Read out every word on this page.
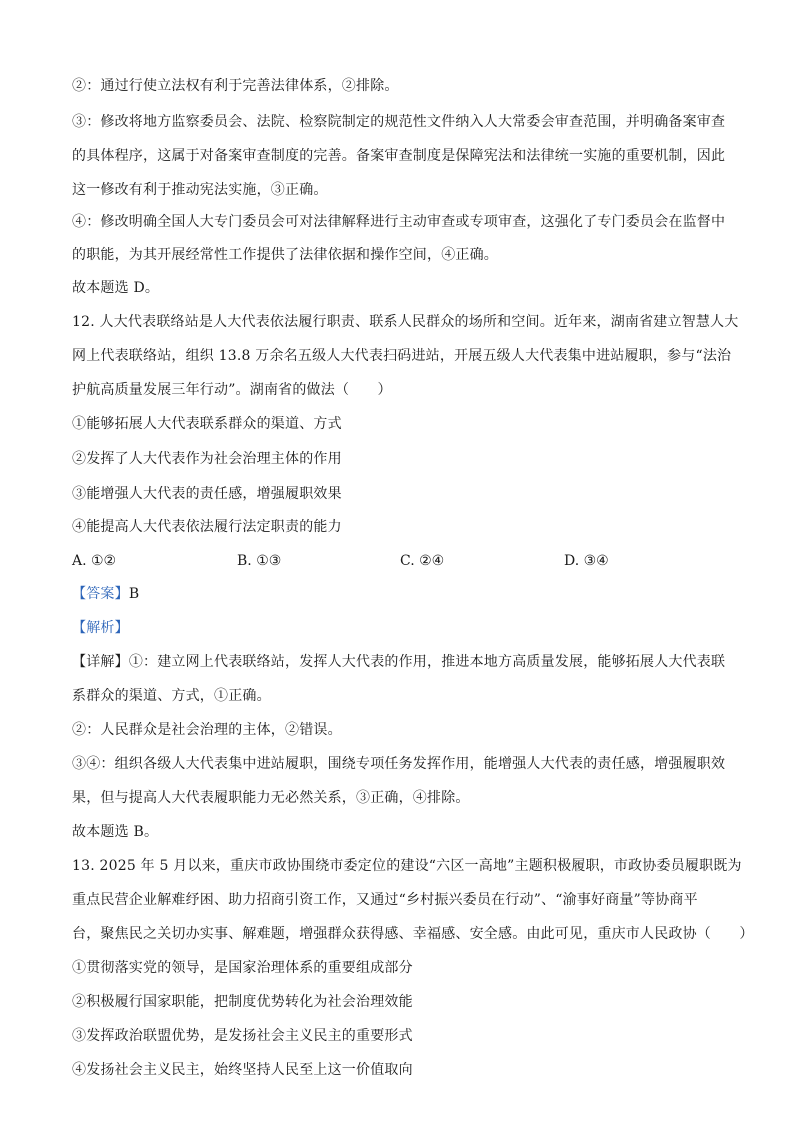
②：通过行使立法权有利于完善法律体系，②排除。
③：修改将地方监察委员会、法院、检察院制定的规范性文件纳入人大常委会审查范围，并明确备案审查
的具体程序，这属于对备案审查制度的完善。备案审查制度是保障宪法和法律统一实施的重要机制，因此
这一修改有利于推动宪法实施，③正确。
④：修改明确全国人大专门委员会可对法律解释进行主动审查或专项审查，这强化了专门委员会在监督中
的职能，为其开展经常性工作提供了法律依据和操作空间，④正确。
故本题选 D。
12. 人大代表联络站是人大代表依法履行职责、联系人民群众的场所和空间。近年来，湖南省建立智慧人大
网上代表联络站，组织 13.8 万余名五级人大代表扫码进站，开展五级人大代表集中进站履职，参与“法治
护航高质量发展三年行动”。湖南省的做法（　　）
①能够拓展人大代表联系群众的渠道、方式
②发挥了人大代表作为社会治理主体的作用
③能增强人大代表的责任感，增强履职效果
④能提高人大代表依法履行法定职责的能力
A. ①②	B. ①③	C. ②④	D. ③④
【答案】B
【解析】
【详解】①：建立网上代表联络站，发挥人大代表的作用，推进本地方高质量发展，能够拓展人大代表联
系群众的渠道、方式，①正确。
②：人民群众是社会治理的主体，②错误。
③④：组织各级人大代表集中进站履职，围绕专项任务发挥作用，能增强人大代表的责任感，增强履职效
果，但与提高人大代表履职能力无必然关系，③正确，④排除。
故本题选 B。
13. 2025 年 5 月以来，重庆市政协围绕市委定位的建设“六区一高地”主题积极履职，市政协委员履职既为
重点民营企业解难纾困、助力招商引资工作，又通过“乡村振兴委员在行动”、“渝事好商量”等协商平
台，聚焦民之关切办实事、解难题，增强群众获得感、幸福感、安全感。由此可见，重庆市人民政协（　　）
①贯彻落实党的领导，是国家治理体系的重要组成部分
②积极履行国家职能，把制度优势转化为社会治理效能
③发挥政治联盟优势，是发扬社会主义民主的重要形式
④发扬社会主义民主，始终坚持人民至上这一价值取向
